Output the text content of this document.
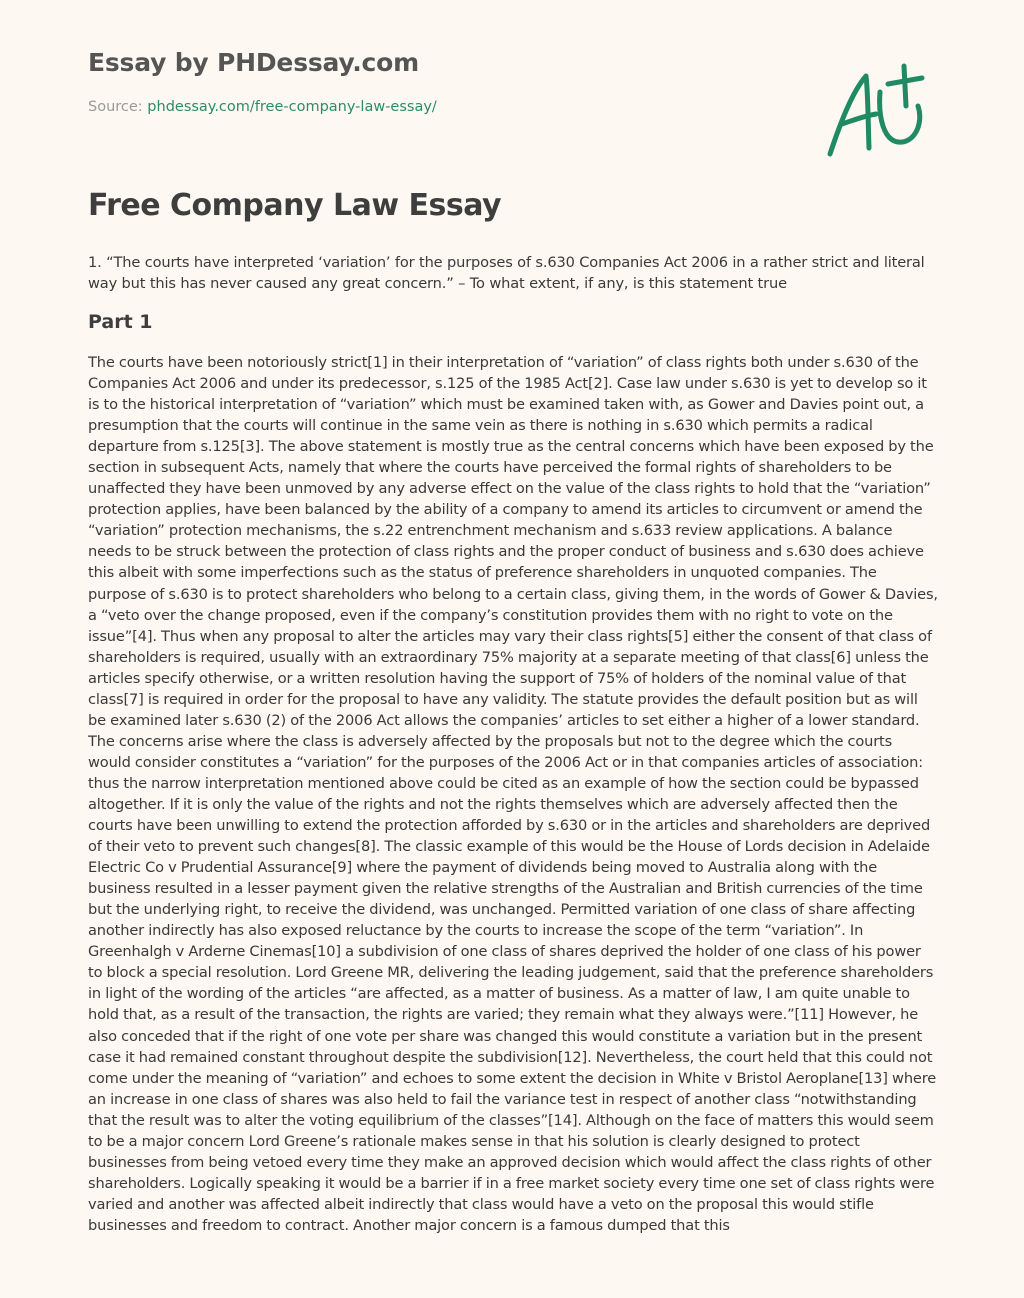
Essay by PHDessay.com
Source: phdessay.com/free-company-law-essay/
Free Company Law Essay

1. “The courts have interpreted ‘variation’ for the purposes of s.630 Companies Act 2006 in a rather strict and literal way but this has never caused any great concern.” – To what extent, if any, is this statement true

Part 1

The courts have been notoriously strict[1] in their interpretation of “variation” of class rights both under s.630 of the Companies Act 2006 and under its predecessor, s.125 of the 1985 Act[2]. Case law under s.630 is yet to develop so it is to the historical interpretation of “variation” which must be examined taken with, as Gower and Davies point out, a presumption that the courts will continue in the same vein as there is nothing in s.630 which permits a radical departure from s.125[3]. The above statement is mostly true as the central concerns which have been exposed by the section in subsequent Acts, namely that where the courts have perceived the formal rights of shareholders to be unaffected they have been unmoved by any adverse effect on the value of the class rights to hold that the “variation” protection applies, have been balanced by the ability of a company to amend its articles to circumvent or amend the “variation” protection mechanisms, the s.22 entrenchment mechanism and s.633 review applications. A balance needs to be struck between the protection of class rights and the proper conduct of business and s.630 does achieve this albeit with some imperfections such as the status of preference shareholders in unquoted companies. The purpose of s.630 is to protect shareholders who belong to a certain class, giving them, in the words of Gower & Davies, a “veto over the change proposed, even if the company’s constitution provides them with no right to vote on the issue”[4]. Thus when any proposal to alter the articles may vary their class rights[5] either the consent of that class of shareholders is required, usually with an extraordinary 75% majority at a separate meeting of that class[6] unless the articles specify otherwise, or a written resolution having the support of 75% of holders of the nominal value of that class[7] is required in order for the proposal to have any validity. The statute provides the default position but as will be examined later s.630 (2) of the 2006 Act allows the companies’ articles to set either a higher of a lower standard. The concerns arise where the class is adversely affected by the proposals but not to the degree which the courts would consider constitutes a “variation” for the purposes of the 2006 Act or in that companies articles of association: thus the narrow interpretation mentioned above could be cited as an example of how the section could be bypassed altogether. If it is only the value of the rights and not the rights themselves which are adversely affected then the courts have been unwilling to extend the protection afforded by s.630 or in the articles and shareholders are deprived of their veto to prevent such changes[8]. The classic example of this would be the House of Lords decision in Adelaide Electric Co v Prudential Assurance[9] where the payment of dividends being moved to Australia along with the business resulted in a lesser payment given the relative strengths of the Australian and British currencies of the time but the underlying right, to receive the dividend, was unchanged. Permitted variation of one class of share affecting another indirectly has also exposed reluctance by the courts to increase the scope of the term “variation”. In Greenhalgh v Arderne Cinemas[10] a subdivision of one class of shares deprived the holder of one class of his power to block a special resolution. Lord Greene MR, delivering the leading judgement, said that the preference shareholders in light of the wording of the articles “are affected, as a matter of business. As a matter of law, I am quite unable to hold that, as a result of the transaction, the rights are varied; they remain what they always were.”[11] However, he also conceded that if the right of one vote per share was changed this would constitute a variation but in the present case it had remained constant throughout despite the subdivision[12]. Nevertheless, the court held that this could not come under the meaning of “variation” and echoes to some extent the decision in White v Bristol Aeroplane[13] where an increase in one class of shares was also held to fail the variance test in respect of another class “notwithstanding that the result was to alter the voting equilibrium of the classes”[14]. Although on the face of matters this would seem to be a major concern Lord Greene’s rationale makes sense in that his solution is clearly designed to protect businesses from being vetoed every time they make an approved decision which would affect the class rights of other shareholders. Logically speaking it would be a barrier if in a free market society every time one set of class rights were varied and another was affected albeit indirectly that class would have a veto on the proposal this would stifle businesses and freedom to contract. Another major concern is a famous dumped that this
